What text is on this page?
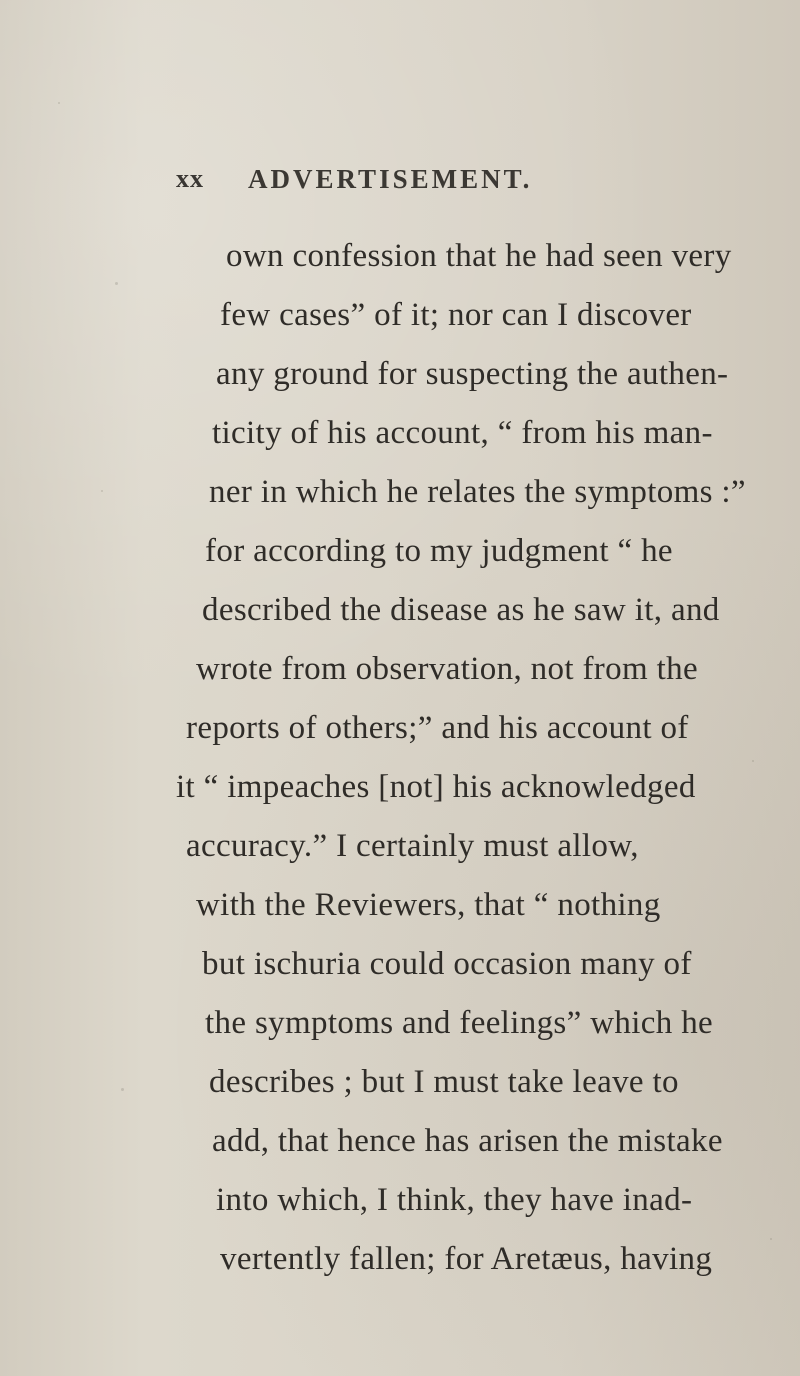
xx ADVERTISEMENT.
own confession that he had seen very
few cases” of it; nor can I discover
any ground for suspecting the authen-
ticity of his account, “ from his man-
ner in which he relates the symptoms :”
for according to my judgment “ he
described the disease as he saw it, and
wrote from observation, not from the
reports of others;” and his account of
it “ impeaches [not] his acknowledged
accuracy.” I certainly must allow,
with the Reviewers, that “ nothing
but ischuria could occasion many of
the symptoms and feelings” which he
describes ; but I must take leave to
add, that hence has arisen the mistake
into which, I think, they have inad-
vertently fallen; for Aretæus, having
